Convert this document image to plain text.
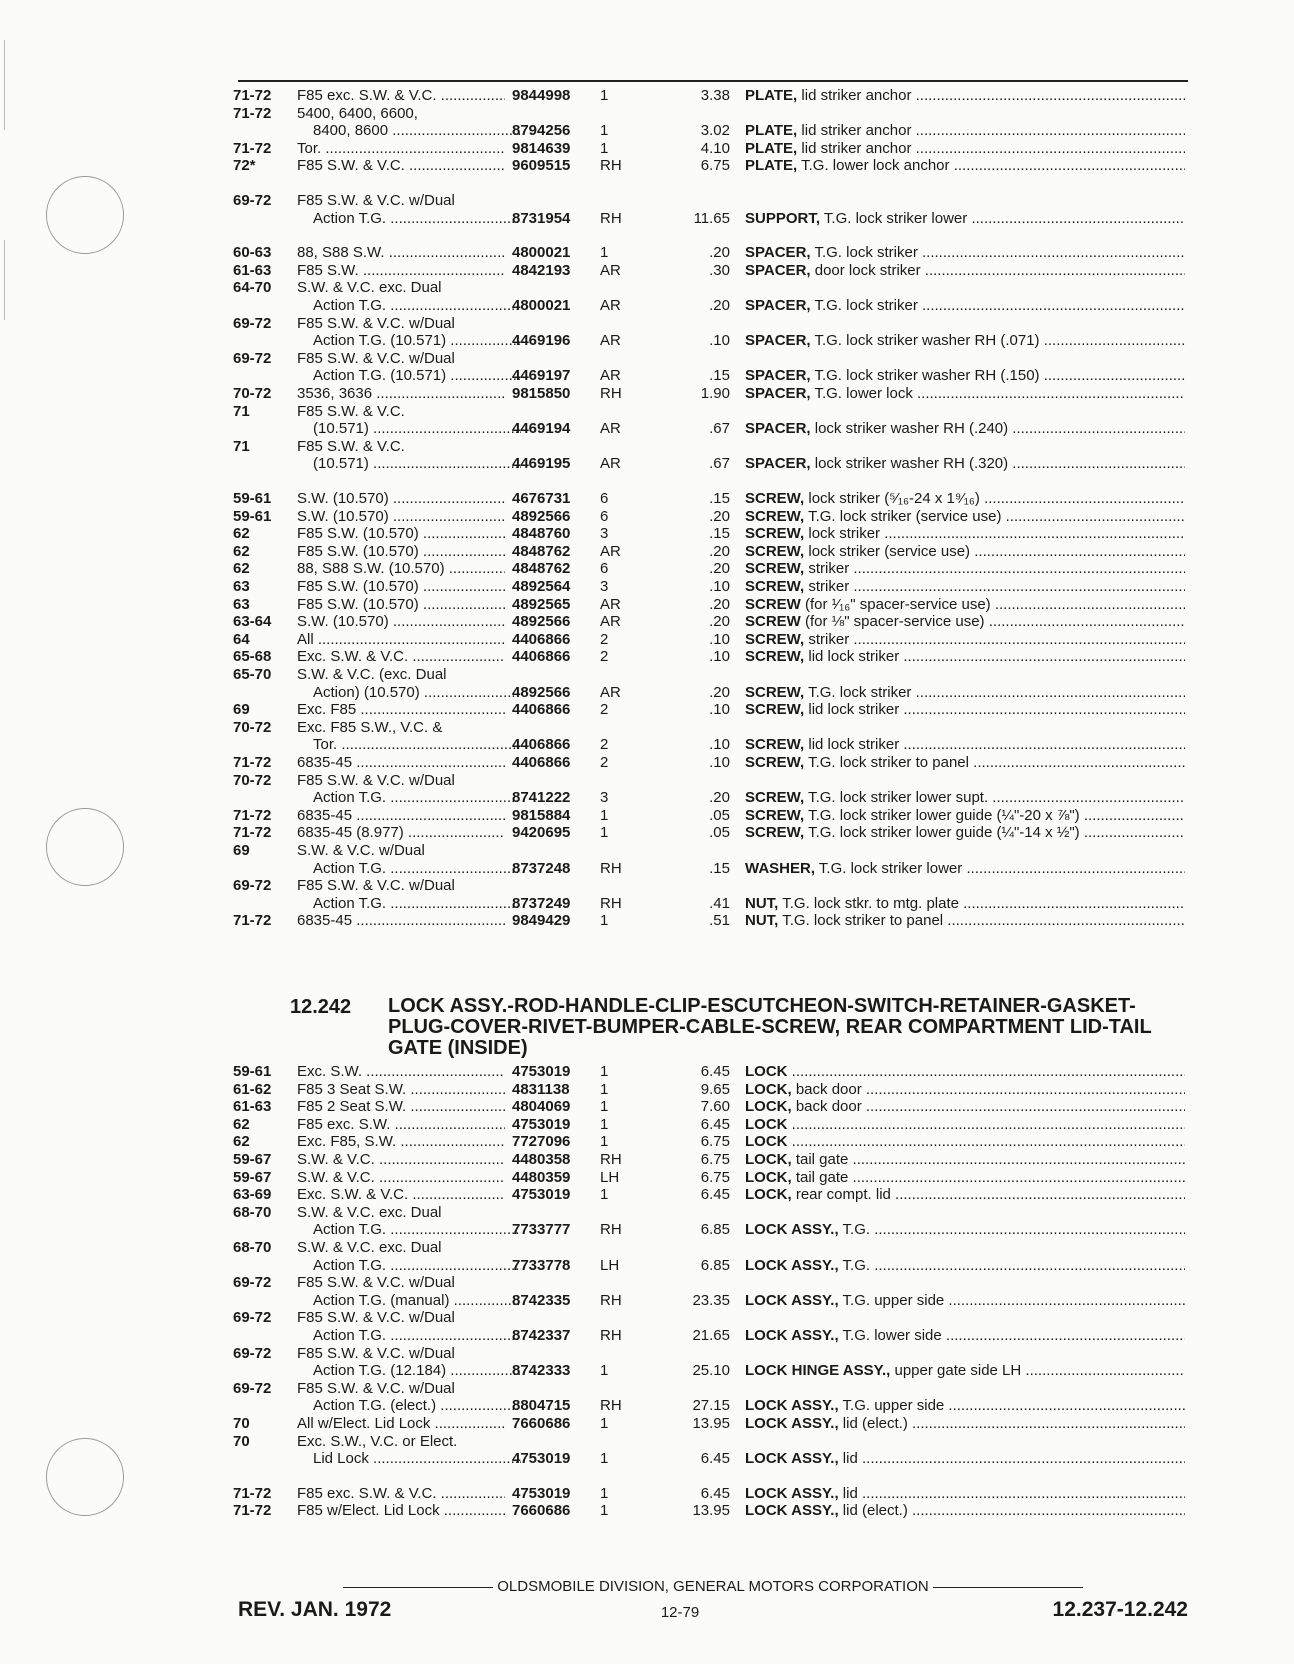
71-72	F85 exc. S.W. & V.C. .....	9844998 1	3.38 PLATE, lid striker anchor .....
71-72	5400, 6400, 6600,
8400, 8600 .....	8794256 1	3.02 PLATE, lid striker anchor .....
71-72	Tor. .....	9814639 1	4.10 PLATE, lid striker anchor .....
72*	F85 S.W. & V.C. .....	9609515 RH	6.75 PLATE, T.G. lower lock anchor .....
69-72	F85 S.W. & V.C. w/Dual
Action T.G. .....	8731954 RH	11.65 SUPPORT, T.G. lock striker lower .....
60-63	88, S88 S.W. .....	4800021 1	.20 SPACER, T.G. lock striker .....
61-63	F85 S.W. .....	4842193 AR	.30 SPACER, door lock striker .....
64-70	S.W. & V.C. exc. Dual
Action T.G. .....	4800021 AR	.20 SPACER, T.G. lock striker .....
69-72	F85 S.W. & V.C. w/Dual
Action T.G. (10.571) .....	4469196 AR	.10 SPACER, T.G. lock striker washer RH (.071) .....
69-72	F85 S.W. & V.C. w/Dual
Action T.G. (10.571) .....	4469197 AR	.15 SPACER, T.G. lock striker washer RH (.150) .....
70-72	3536, 3636 .....	9815850 RH	1.90 SPACER, T.G. lower lock .....
71	F85 S.W. & V.C.
(10.571) .....	4469194 AR	.67 SPACER, lock striker washer RH (.240) .....
71	F85 S.W. & V.C.
(10.571) .....	4469195 AR	.67 SPACER, lock striker washer RH (.320) .....
59-61	S.W. (10.570) .....	4676731 6	.15 SCREW, lock striker (⁵⁄₁₆-24 x 1⁹⁄₁₆) .....
59-61	S.W. (10.570) .....	4892566 6	.20 SCREW, T.G. lock striker (service use) .....
62	F85 S.W. (10.570) .....	4848760 3	.15 SCREW, lock striker .....
62	F85 S.W. (10.570) .....	4848762 AR	.20 SCREW, lock striker (service use) .....
62	88, S88 S.W. (10.570) .....	4848762 6	.20 SCREW, striker .....
63	F85 S.W. (10.570) .....	4892564 3	.10 SCREW, striker .....
63	F85 S.W. (10.570) .....	4892565 AR	.20 SCREW (for ¹⁄₁₆" spacer-service use) .....
63-64	S.W. (10.570) .....	4892566 AR	.20 SCREW (for ⅛" spacer-service use) .....
64	All .....	4406866 2	.10 SCREW, striker .....
65-68	Exc. S.W. & V.C. .....	4406866 2	.10 SCREW, lid lock striker .....
65-70	S.W. & V.C. (exc. Dual
Action) (10.570) .....	4892566 AR	.20 SCREW, T.G. lock striker .....
69	Exc. F85 .....	4406866 2	.10 SCREW, lid lock striker .....
70-72	Exc. F85 S.W., V.C. &
Tor. .....	4406866 2	.10 SCREW, lid lock striker .....
71-72	6835-45 .....	4406866 2	.10 SCREW, T.G. lock striker to panel .....
70-72	F85 S.W. & V.C. w/Dual
Action T.G. .....	8741222 3	.20 SCREW, T.G. lock striker lower supt. .....
71-72	6835-45 .....	9815884 1	.05 SCREW, T.G. lock striker lower guide (¼"-20 x ⅞") .....
71-72	6835-45 (8.977) .....	9420695 1	.05 SCREW, T.G. lock striker lower guide (¼"-14 x ½") .....
69	S.W. & V.C. w/Dual
Action T.G. .....	8737248 RH	.15 WASHER, T.G. lock striker lower .....
69-72	F85 S.W. & V.C. w/Dual
Action T.G. .....	8737249 RH	.41 NUT, T.G. lock stkr. to mtg. plate .....
71-72	6835-45 .....	9849429 1	.51 NUT, T.G. lock striker to panel .....
59-61	Exc. S.W. .....	4753019 1	6.45 LOCK .....
61-62	F85 3 Seat S.W. .....	4831138 1	9.65 LOCK, back door .....
61-63	F85 2 Seat S.W. .....	4804069 1	7.60 LOCK, back door .....
62	F85 exc. S.W. .....	4753019 1	6.45 LOCK .....
62	Exc. F85, S.W. .....	7727096 1	6.75 LOCK .....
59-67	S.W. & V.C. .....	4480358 RH	6.75 LOCK, tail gate .....
59-67	S.W. & V.C. .....	4480359 LH	6.75 LOCK, tail gate .....
63-69	Exc. S.W. & V.C. .....	4753019 1	6.45 LOCK, rear compt. lid .....
68-70	S.W. & V.C. exc. Dual
Action T.G. .....	7733777 RH	6.85 LOCK ASSY., T.G. .....
68-70	S.W. & V.C. exc. Dual
Action T.G. .....	7733778 LH	6.85 LOCK ASSY., T.G. .....
69-72	F85 S.W. & V.C. w/Dual
Action T.G. (manual) .....	8742335 RH	23.35 LOCK ASSY., T.G. upper side .....
69-72	F85 S.W. & V.C. w/Dual
Action T.G. .....	8742337 RH	21.65 LOCK ASSY., T.G. lower side .....
69-72	F85 S.W. & V.C. w/Dual
Action T.G. (12.184) .....	8742333 1	25.10 LOCK HINGE ASSY., upper gate side LH .....
69-72	F85 S.W. & V.C. w/Dual
Action T.G. (elect.) .....	8804715 RH	27.15 LOCK ASSY., T.G. upper side .....
70	All w/Elect. Lid Lock .....	7660686 1	13.95 LOCK ASSY., lid (elect.) .....
70	Exc. S.W., V.C. or Elect.
Lid Lock .....	4753019 1	6.45 LOCK ASSY., lid .....
71-72	F85 exc. S.W. & V.C. .....	4753019 1	6.45 LOCK ASSY., lid .....
71-72	F85 w/Elect. Lid Lock .....	7660686 1	13.95 LOCK ASSY., lid (elect.) .....
12.242 LOCK ASSY.-ROD-HANDLE-CLIP-ESCUTCHEON-SWITCH-RETAINER-GASKET-PLUG-COVER-RIVET-BUMPER-CABLE-SCREW, REAR COMPARTMENT LID-TAIL GATE (INSIDE)
OLDSMOBILE DIVISION, GENERAL MOTORS CORPORATION
REV. JAN. 1972	12-79	12.237-12.242
